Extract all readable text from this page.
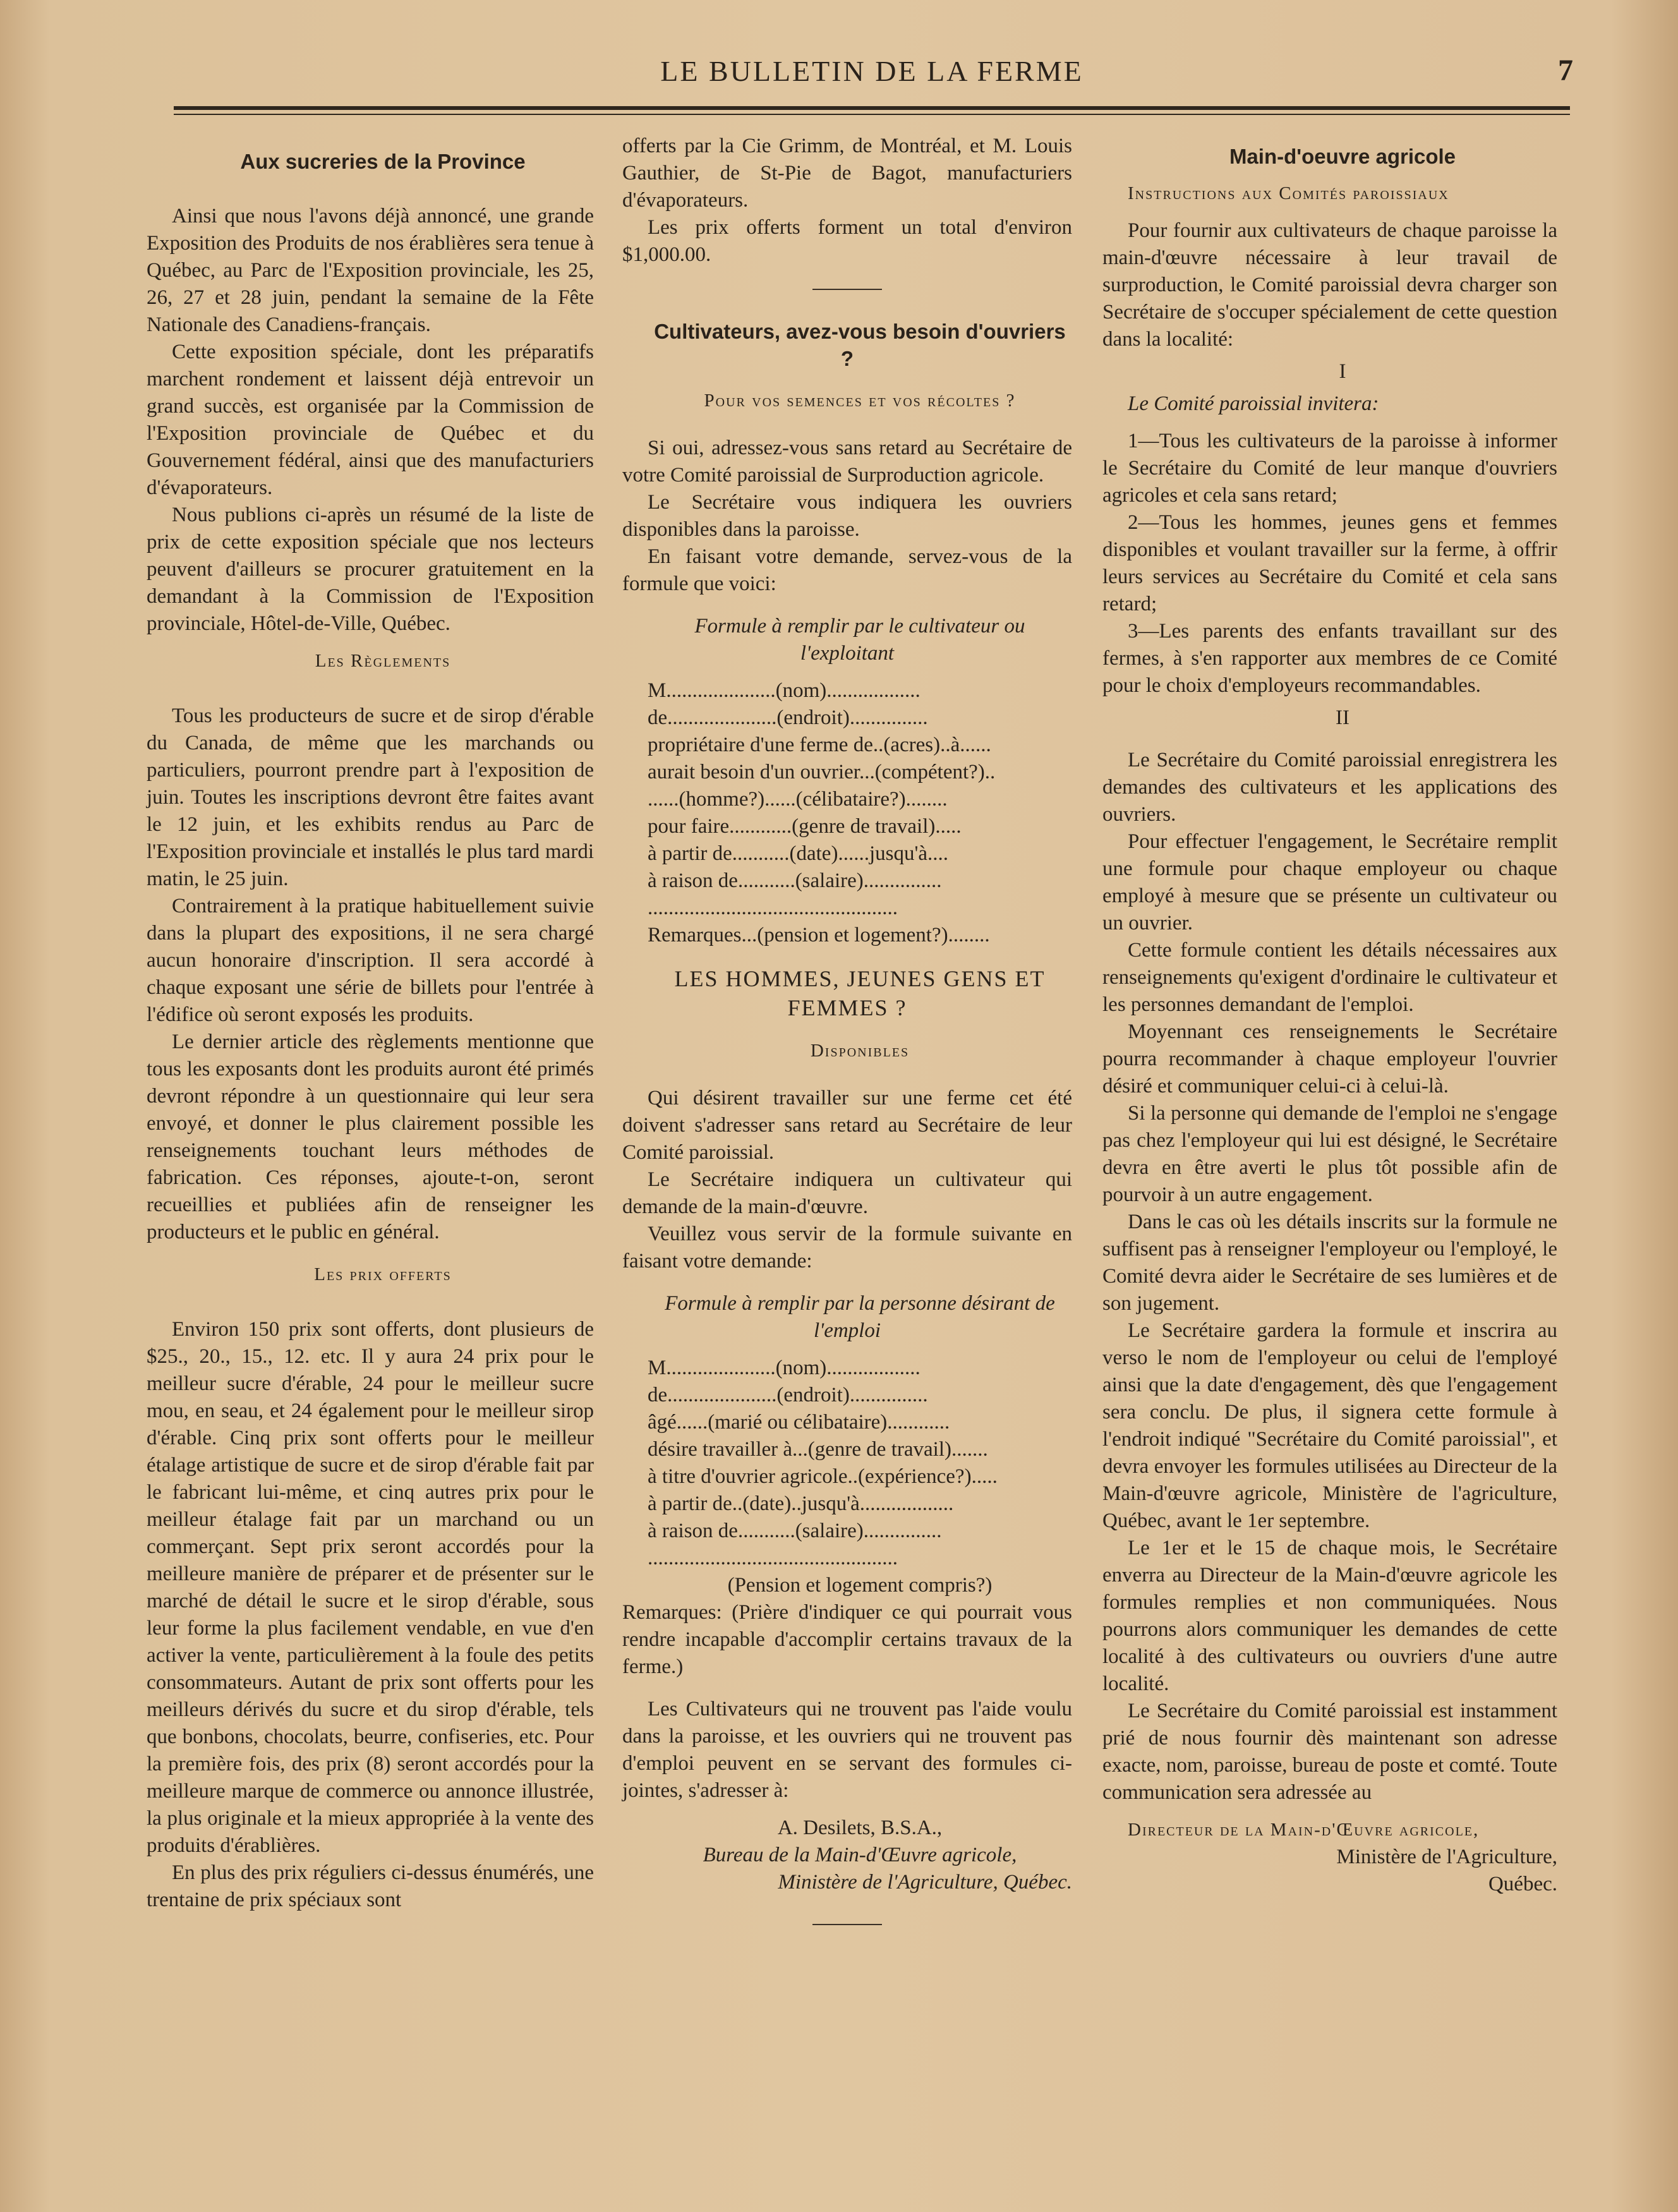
LE BULLETIN DE LA FERME	7

Aux sucreries de la Province

Ainsi que nous l'avons déjà annoncé, une grande Exposition des Produits de nos érablières sera tenue à Québec, au Parc de l'Exposition provinciale, les 25, 26, 27 et 28 juin, pendant la semaine de la Fête Nationale des Canadiens-français.

Cette exposition spéciale, dont les préparatifs marchent rondement et laissent déjà entrevoir un grand succès, est organisée par la Commission de l'Exposition provinciale de Québec et du Gouvernement fédéral, ainsi que des manufacturiers d'évaporateurs.

Nous publions ci-après un résumé de la liste de prix de cette exposition spéciale que nos lecteurs peuvent d'ailleurs se procurer gratuitement en la demandant à la Commission de l'Exposition provinciale, Hôtel-de-Ville, Québec.

Les Règlements

Tous les producteurs de sucre et de sirop d'érable du Canada, de même que les marchands ou particuliers, pourront prendre part à l'exposition de juin. Toutes les inscriptions devront être faites avant le 12 juin, et les exhibits rendus au Parc de l'Exposition provinciale et installés le plus tard mardi matin, le 25 juin.

Contrairement à la pratique habituellement suivie dans la plupart des expositions, il ne sera chargé aucun honoraire d'inscription. Il sera accordé à chaque exposant une série de billets pour l'entrée à l'édifice où seront exposés les produits.

Le dernier article des règlements mentionne que tous les exposants dont les produits auront été primés devront répondre à un questionnaire qui leur sera envoyé, et donner le plus clairement possible les renseignements touchant leurs méthodes de fabrication. Ces réponses, ajoute-t-on, seront recueillies et publiées afin de renseigner les producteurs et le public en général.

Les prix offerts

Environ 150 prix sont offerts, dont plusieurs de $25., 20., 15., 12. etc. Il y aura 24 prix pour le meilleur sucre d'érable, 24 pour le meilleur sucre mou, en seau, et 24 également pour le meilleur sirop d'érable. Cinq prix sont offerts pour le meilleur étalage artistique de sucre et de sirop d'érable fait par le fabricant lui-même, et cinq autres prix pour le meilleur étalage fait par un marchand ou un commerçant. Sept prix seront accordés pour la meilleure manière de préparer et de présenter sur le marché de détail le sucre et le sirop d'érable, sous leur forme la plus facilement vendable, en vue d'en activer la vente, particulièrement à la foule des petits consommateurs. Autant de prix sont offerts pour les meilleurs dérivés du sucre et du sirop d'érable, tels que bonbons, chocolats, beurre, confiseries, etc. Pour la première fois, des prix (8) seront accordés pour la meilleure marque de commerce ou annonce illustrée, la plus originale et la mieux appropriée à la vente des produits d'érablières.

En plus des prix réguliers ci-dessus énumérés, une trentaine de prix spéciaux sont

offerts par la Cie Grimm, de Montréal, et M. Louis Gauthier, de St-Pie de Bagot, manufacturiers d'évaporateurs.

Les prix offerts forment un total d'environ $1,000.00.

Cultivateurs, avez-vous besoin d'ouvriers ?

Pour vos semences et vos récoltes ?

Si oui, adressez-vous sans retard au Secrétaire de votre Comité paroissial de Surproduction agricole.

Le Secrétaire vous indiquera les ouvriers disponibles dans la paroisse.

En faisant votre demande, servez-vous de la formule que voici:

Formule à remplir par le cultivateur ou l'exploitant

M.....................(nom)..................

de.....................(endroit)...............

propriétaire d'une ferme de..(acres)..à......

aurait besoin d'un ouvrier...(compétent?)..

......(homme?)......(célibataire?)........

pour faire............(genre de travail).....

à partir de...........(date)......jusqu'à....

à raison de...........(salaire)...............

................................................

Remarques...(pension et logement?)........

LES HOMMES, JEUNES GENS ET FEMMES ?

Disponibles

Qui désirent travailler sur une ferme cet été doivent s'adresser sans retard au Secrétaire de leur Comité paroissial.

Le Secrétaire indiquera un cultivateur qui demande de la main-d'œuvre.

Veuillez vous servir de la formule suivante en faisant votre demande:

Formule à remplir par la personne désirant de l'emploi

M.....................(nom)..................

de.....................(endroit)...............

âgé......(marié ou célibataire)............

désire travailler à...(genre de travail).......

à titre d'ouvrier agricole..(expérience?).....

à partir de..(date)..jusqu'à..................

à raison de...........(salaire)...............

................................................

(Pension et logement compris?)

Remarques: (Prière d'indiquer ce qui pourrait vous rendre incapable d'accomplir certains travaux de la ferme.)

Les Cultivateurs qui ne trouvent pas l'aide voulu dans la paroisse, et les ouvriers qui ne trouvent pas d'emploi peuvent en se servant des formules ci-jointes, s'adresser à:

A. Desilets, B.S.A.,

Bureau de la Main-d'Œuvre agricole,

Ministère de l'Agriculture, Québec.

Main-d'oeuvre agricole

Instructions aux Comités paroissiaux

Pour fournir aux cultivateurs de chaque paroisse la main-d'œuvre nécessaire à leur travail de surproduction, le Comité paroissial devra charger son Secrétaire de s'occuper spécialement de cette question dans la localité:

I

Le Comité paroissial invitera:

1—Tous les cultivateurs de la paroisse à informer le Secrétaire du Comité de leur manque d'ouvriers agricoles et cela sans retard;

2—Tous les hommes, jeunes gens et femmes disponibles et voulant travailler sur la ferme, à offrir leurs services au Secrétaire du Comité et cela sans retard;

3—Les parents des enfants travaillant sur des fermes, à s'en rapporter aux membres de ce Comité pour le choix d'employeurs recommandables.

II

Le Secrétaire du Comité paroissial enregistrera les demandes des cultivateurs et les applications des ouvriers.

Pour effectuer l'engagement, le Secrétaire remplit une formule pour chaque employeur ou chaque employé à mesure que se présente un cultivateur ou un ouvrier.

Cette formule contient les détails nécessaires aux renseignements qu'exigent d'ordinaire le cultivateur et les personnes demandant de l'emploi.

Moyennant ces renseignements le Secrétaire pourra recommander à chaque employeur l'ouvrier désiré et communiquer celui-ci à celui-là.

Si la personne qui demande de l'emploi ne s'engage pas chez l'employeur qui lui est désigné, le Secrétaire devra en être averti le plus tôt possible afin de pourvoir à un autre engagement.

Dans le cas où les détails inscrits sur la formule ne suffisent pas à renseigner l'employeur ou l'employé, le Comité devra aider le Secrétaire de ses lumières et de son jugement.

Le Secrétaire gardera la formule et inscrira au verso le nom de l'employeur ou celui de l'employé ainsi que la date d'engagement, dès que l'engagement sera conclu. De plus, il signera cette formule à l'endroit indiqué "Secrétaire du Comité paroissial", et devra envoyer les formules utilisées au Directeur de la Main-d'œuvre agricole, Ministère de l'agriculture, Québec, avant le 1er septembre.

Le 1er et le 15 de chaque mois, le Secrétaire enverra au Directeur de la Main-d'œuvre agricole les formules remplies et non communiquées. Nous pourrons alors communiquer les demandes de cette localité à des cultivateurs ou ouvriers d'une autre localité.

Le Secrétaire du Comité paroissial est instamment prié de nous fournir dès maintenant son adresse exacte, nom, paroisse, bureau de poste et comté. Toute communication sera adressée au

Directeur de la Main-d'Œuvre agricole,

Ministère de l'Agriculture,

Québec.
